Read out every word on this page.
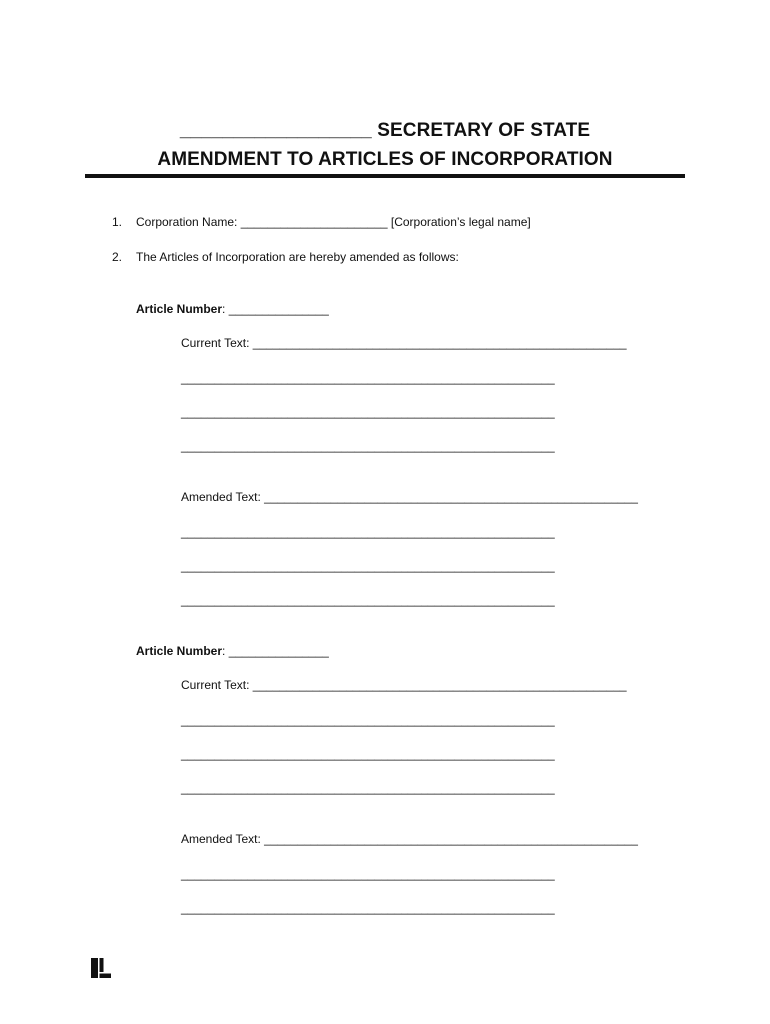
__________________ SECRETARY OF STATE
AMENDMENT TO ARTICLES OF INCORPORATION
1. Corporation Name: ______________________ [Corporation’s legal name]
2. The Articles of Incorporation are hereby amended as follows:
Article Number: _______________
Current Text: ________________________________________________________
________________________________________________________
________________________________________________________
________________________________________________________
Amended Text: ________________________________________________________
________________________________________________________
________________________________________________________
________________________________________________________
Article Number: _______________
Current Text: ________________________________________________________
________________________________________________________
________________________________________________________
________________________________________________________
Amended Text: ________________________________________________________
________________________________________________________
________________________________________________________
